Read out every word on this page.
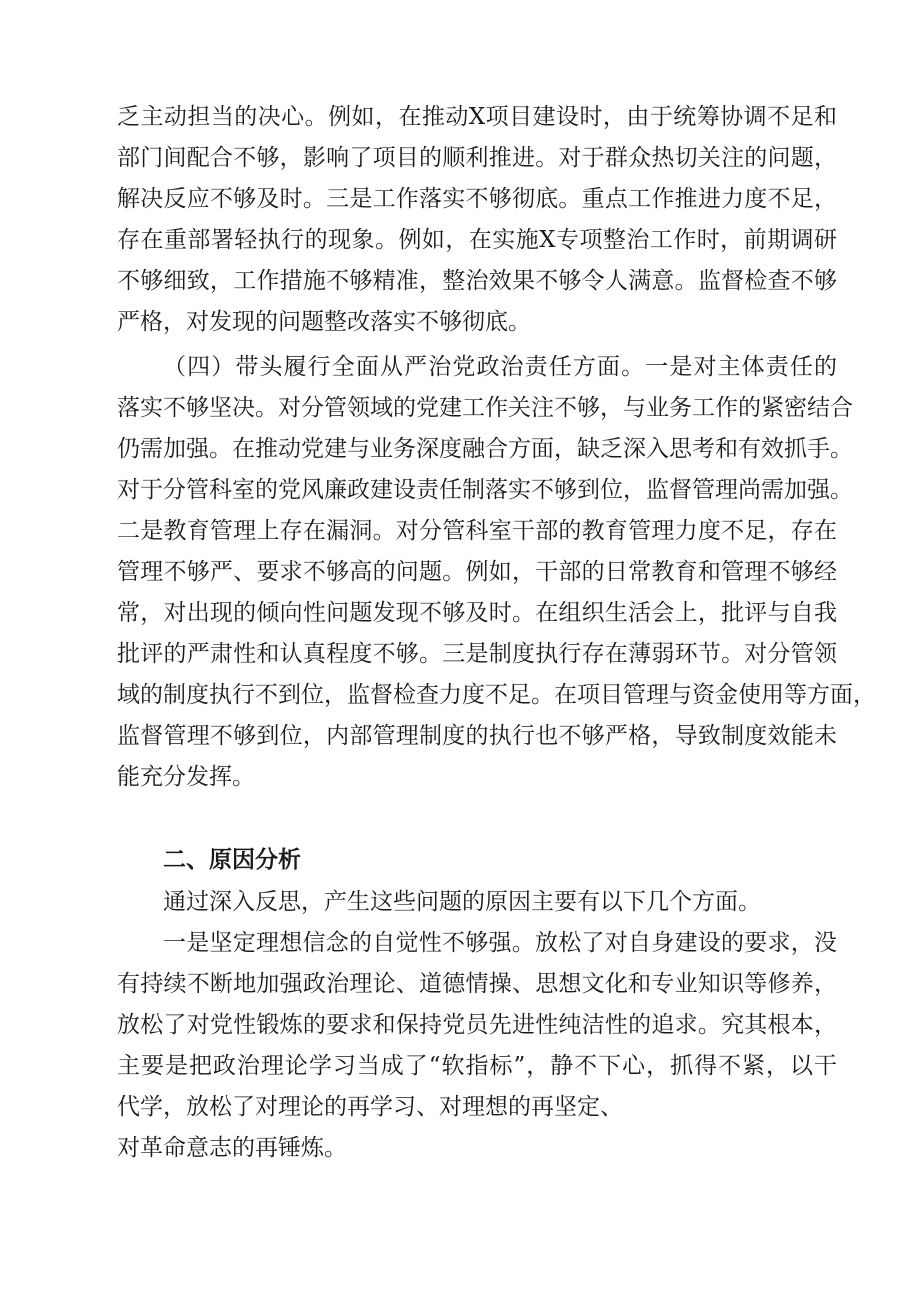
乏主动担当的决心。例如，在推动X项目建设时，由于统筹协调不足和
部门间配合不够，影响了项目的顺利推进。对于群众热切关注的问题，
解决反应不够及时。三是工作落实不够彻底。重点工作推进力度不足，
存在重部署轻执行的现象。例如，在实施X专项整治工作时，前期调研
不够细致，工作措施不够精准，整治效果不够令人满意。监督检查不够
严格，对发现的问题整改落实不够彻底。
（四）带头履行全面从严治党政治责任方面。一是对主体责任的
落实不够坚决。对分管领域的党建工作关注不够，与业务工作的紧密结合
仍需加强。在推动党建与业务深度融合方面，缺乏深入思考和有效抓手。
对于分管科室的党风廉政建设责任制落实不够到位，监督管理尚需加强。
二是教育管理上存在漏洞。对分管科室干部的教育管理力度不足，存在
管理不够严、要求不够高的问题。例如，干部的日常教育和管理不够经
常，对出现的倾向性问题发现不够及时。在组织生活会上，批评与自我
批评的严肃性和认真程度不够。三是制度执行存在薄弱环节。对分管领
域的制度执行不到位，监督检查力度不足。在项目管理与资金使用等方面，
监督管理不够到位，内部管理制度的执行也不够严格，导致制度效能未
能充分发挥。
二、原因分析
通过深入反思，产生这些问题的原因主要有以下几个方面。
一是坚定理想信念的自觉性不够强。放松了对自身建设的要求，没
有持续不断地加强政治理论、道德情操、思想文化和专业知识等修养，
放松了对党性锻炼的要求和保持党员先进性纯洁性的追求。究其根本，
主要是把政治理论学习当成了“软指标”，静不下心，抓得不紧，以干
代学，放松了对理论的再学习、对理想的再坚定、
对革命意志的再锤炼。
